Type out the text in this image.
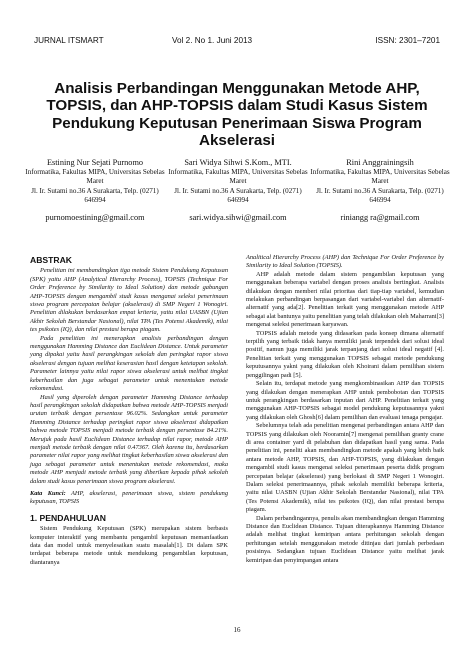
JURNAL ITSMART	Vol 2. No 1. Juni 2013	ISSN: 2301–7201
Analisis Perbandingan Menggunakan Metode AHP, TOPSIS, dan AHP-TOPSIS dalam Studi Kasus Sistem Pendukung Keputusan Penerimaan Siswa Program Akselerasi
Estining Nur Sejati Purnomo
Informatika, Fakultas MIPA, Universitas Sebelas Maret
Jl. Ir. Sutami no.36 A Surakarta, Telp. (0271) 646994
purnomoestining@gmail.com
Sari Widya Sihwi S.Kom., MTI.
Informatika, Fakultas MIPA, Universitas Sebelas Maret
Jl. Ir. Sutami no.36 A Surakarta, Telp. (0271) 646994
sari.widya.sihwi@gmail.com
Rini Anggrainingsih
Informatika, Fakultas MIPA, Universitas Sebelas Maret
Jl. Ir. Sutami no.36 A Surakarta, Telp. (0271) 646994
riniangg ra@gmail.com
ABSTRAK

Penelitian ini membandingkan tiga metode Sistem Pendukung Keputusan (SPK) yaitu AHP (Analytical Hierarchy Process), TOPSIS (Technique For Order Preference by Similarity to Ideal Solution) dan metode gabungan AHP-TOPSIS dengan mengambil studi kasus menganai seleksi penerimaan siswa program percepatan belajar (akselerasi) di SMP Negeri 1 Wonogiri. Penelitian dilakukan berdasarkan empat kriteria, yaitu nilai UASBN (Ujian Akhir Sekolah Berstandar Nasional), nilai TPA (Tes Potensi Akademik), nilai tes psikotes (IQ), dan nilai prestasi berupa piagam.

Pada penelitian ini menerapkan analisis perbandingan dengan menggunakan Hamming Distance dan Euclidean Distance. Untuk parameter yang dipakai yaitu hasil perangkingan sekolah dan peringkat rapor siswa akselerasi dengan tujuan melihat keserasian hasil dengan ketetapan sekolah. Parameter lainnya yaitu nilai rapor siswa akselerasi untuk melihat tingkat keberhasilan dan juga sebagai parameter untuk menentukan metode rekomendasi.

Hasil yang diperoleh dengan parameter Hamming Distance terhadap hasil perangkingan sekolah didapatkan bahwa metode AHP-TOPSIS menjadi urutan terbaik dengan persentase 96.02%. Sedangkan untuk parameter Hamming Distance terhadap peringkat rapor siswa akselerasi didapatkan bahwa metode TOPSIS menjadi metode terbaik dengan persentase 84.21%. Merujuk pada hasil Euclidean Distance terhadap nilai rapor, metode AHP menjadi metode terbaik dengan nilai 0.47367. Oleh karena itu, berdasarkan parameter nilai rapor yang melihat tingkat keberhasilan siswa akselerasi dan juga sebagai parameter untuk menentukan metode rekomendasi, maka metode AHP menjadi metode terbaik yang diberikan kepada pihak sekolah dalam studi kasus penerimaan siswa program akselerasi.

Kata Kunci: AHP, akselerasi, penerimaan siswa, sistem pendukung keputusan, TOPSIS
1. PENDAHULUAN

Sistem Pendukung Keputusan (SPK) merupakan sistem berbasis komputer interaktif yang membantu pengambil keputusan memanfaatkan data dan model untuk menyelesaikan suatu masalah[1]. Di dalam SPK terdapat beberapa metode untuk mendukung pengambilan keputusan, diantaranya

Analitical Hierarchy Process (AHP) dan Technique For Order Preference by Similarity to Ideal Solution (TOPSIS).

AHP adalah metode dalam sistem pengambilan keputusan yang menggunakan beberapa variabel dengan proses analisis bertingkat. Analisis dilakukan dengan memberi nilai prioritas dari tiap-tiap variabel, kemudian melakukan perbandingan berpasangan dari variabel-variabel dan alternatif-alternatif yang ada[2]. Penelitian terkait yang menggunakan metode AHP sebagai alat bantunya yaitu penelitian yang telah dilakukan oleh Maharrani[3] mengenai seleksi penerimaan karyawan.

TOPSIS adalah metode yang didasarkan pada konsep dimana alternatif terpilih yang terbaik tidak hanya memiliki jarak terpendek dari solusi ideal positif, namun juga memiliki jarak terpanjang dari solusi ideal negatif [4]. Penelitian terkait yang menggunakan TOPSIS sebagai metode pendukung keputusannya yakni yang dilakukan oleh Khoirani dalam pemilihan sistem penggilingan padi [5].

Selain itu, terdapat metode yang mengkombinasikan AHP dan TOPSIS yang dilakukan dengan menerapkan AHP untuk pembobotan dan TOPSIS untuk perangkingan berdasarkan inputan dari AHP. Penelitian terkait yang menggunakan AHP-TOPSIS sebagai model pendukung keputusannya yakni yang dilakukan oleh Ghosh[6] dalam pemilihan dan evaluasi tenaga pengajar.

Sebelumnya telah ada penelitian mengenai perbandingan antara AHP dan TOPSIS yang dilakukan oleh Nooramin[7] mengenai pemilihan granty crane di area container yard di pelabuhan dan didapatkan hasil yang sama. Pada penelitian ini, peneliti akan membandingkan metode apakah yang lebih baik antara metode AHP, TOPSIS, dan AHP-TOPSIS, yang dilakukan dengan mengambil studi kasus mengenai seleksi penerimaan peserta didik program percepatan belajar (akselerasi) yang berlokasi di SMP Negeri 1 Wonogiri. Dalam seleksi penerimaannya, pihak sekolah memiliki beberapa kriteria, yaitu nilai UASBN (Ujian Akhir Sekolah Berstandar Nasional), nilai TPA (Tes Potensi Akademik), nilai tes psikotes (IQ), dan nilai prestasi berupa piagam.

Dalam perbandingannya, penulis akan membandingkan dengan Hamming Distance dan Euclidean Distance. Tujuan diterapkannya Hamming Distance adalah melihat tingkat kemiripan antara perhitungan sekolah dengan perhitungan setelah menggunakan metode ditinjau dari jumlah perbedaan posisinya. Sedangkan tujuan Euclidean Distance yaitu melihat jarak kemiripan dan penyimpangan antara

16
